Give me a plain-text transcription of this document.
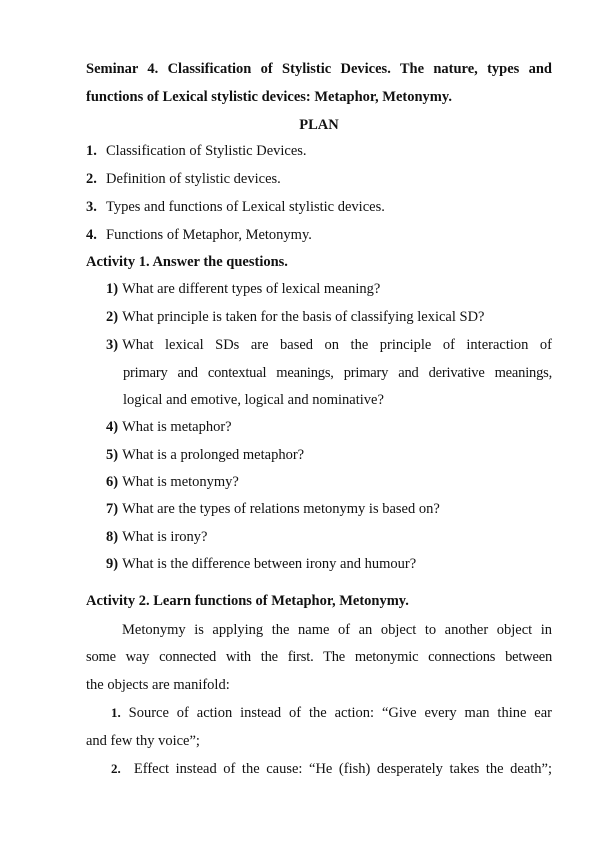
Seminar 4. Classification of Stylistic Devices. The nature, types and
functions of Lexical stylistic devices: Metaphor, Metonymy.
PLAN
1. Classification of Stylistic Devices.
2. Definition of stylistic devices.
3. Types and functions of Lexical stylistic devices.
4. Functions of Metaphor, Metonymy.
Activity 1. Answer the questions.
1) What are different types of lexical meaning?
2) What principle is taken for the basis of classifying lexical SD?
3) What lexical SDs are based on the principle of interaction of
primary and contextual meanings, primary and derivative meanings,
logical and emotive, logical and nominative?
4) What is metaphor?
5) What is a prolonged metaphor?
6) What is metonymy?
7) What are the types of relations metonymy is based on?
8) What is irony?
9) What is the difference between irony and humour?
Activity 2. Learn functions of Metaphor, Metonymy.
Metonymy is applying the name of an object to another object in
some way connected with the first. The metonymic connections between
the objects are manifold:
1. Source of action instead of the action: “Give every man thine ear
and few thy voice”;
2. Effect instead of the cause: “He (fish) desperately takes the death”;
